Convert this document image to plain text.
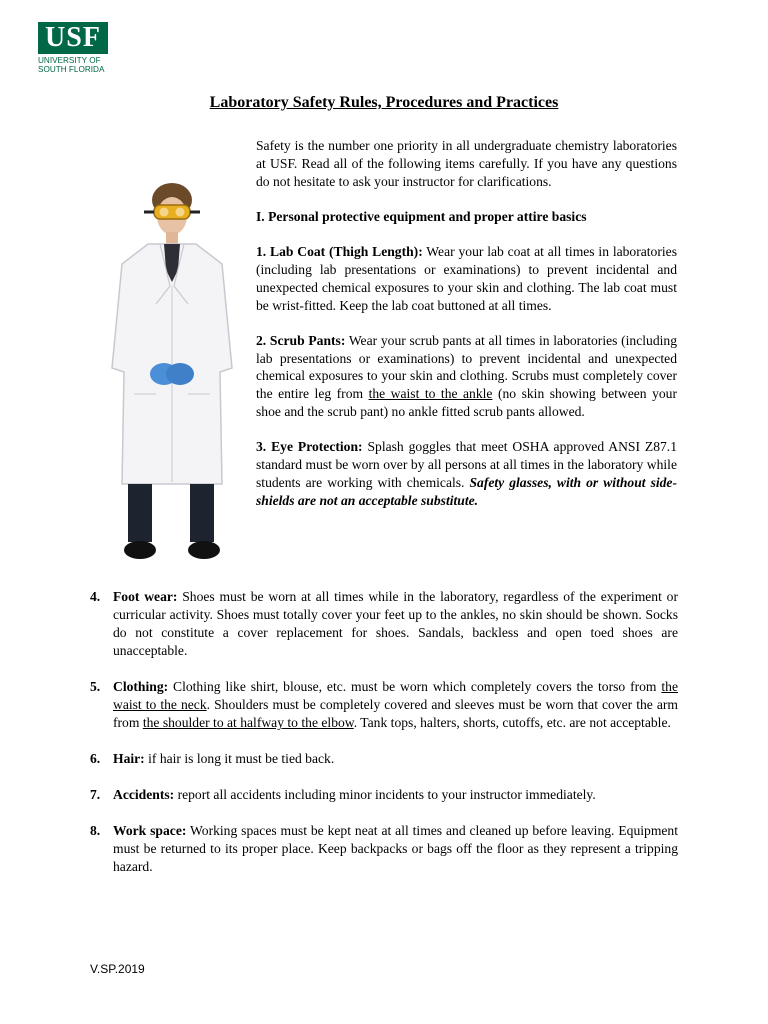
USF
UNIVERSITY OF
SOUTH FLORIDA
Laboratory Safety Rules, Procedures and Practices

Safety is the number one priority in all undergraduate chemistry laboratories at USF. Read all of the following items carefully. If you have any questions do not hesitate to ask your instructor for clarifications.

I. Personal protective equipment and proper attire basics

1. Lab Coat (Thigh Length): Wear your lab coat at all times in laboratories (including lab presentations or examinations) to prevent incidental and unexpected chemical exposures to your skin and clothing. The lab coat must be wrist-fitted. Keep the lab coat buttoned at all times.

2. Scrub Pants: Wear your scrub pants at all times in laboratories (including lab presentations or examinations) to prevent incidental and unexpected chemical exposures to your skin and clothing. Scrubs must completely cover the entire leg from the waist to the ankle (no skin showing between your shoe and the scrub pant) no ankle fitted scrub pants allowed.

3. Eye Protection: Splash goggles that meet OSHA approved ANSI Z87.1 standard must be worn over by all persons at all times in the laboratory while students are working with chemicals. Safety glasses, with or without side-shields are not an acceptable substitute.

4. Foot wear: Shoes must be worn at all times while in the laboratory, regardless of the experiment or curricular activity. Shoes must totally cover your feet up to the ankles, no skin should be shown. Socks do not constitute a cover replacement for shoes. Sandals, backless and open toed shoes are unacceptable.
5. Clothing: Clothing like shirt, blouse, etc. must be worn which completely covers the torso from the waist to the neck. Shoulders must be completely covered and sleeves must be worn that cover the arm from the shoulder to at halfway to the elbow. Tank tops, halters, shorts, cutoffs, etc. are not acceptable.
6. Hair: if hair is long it must be tied back.
7. Accidents: report all accidents including minor incidents to your instructor immediately.
8. Work space: Working spaces must be kept neat at all times and cleaned up before leaving. Equipment must be returned to its proper place. Keep backpacks or bags off the floor as they represent a tripping hazard.
V.SP.2019
